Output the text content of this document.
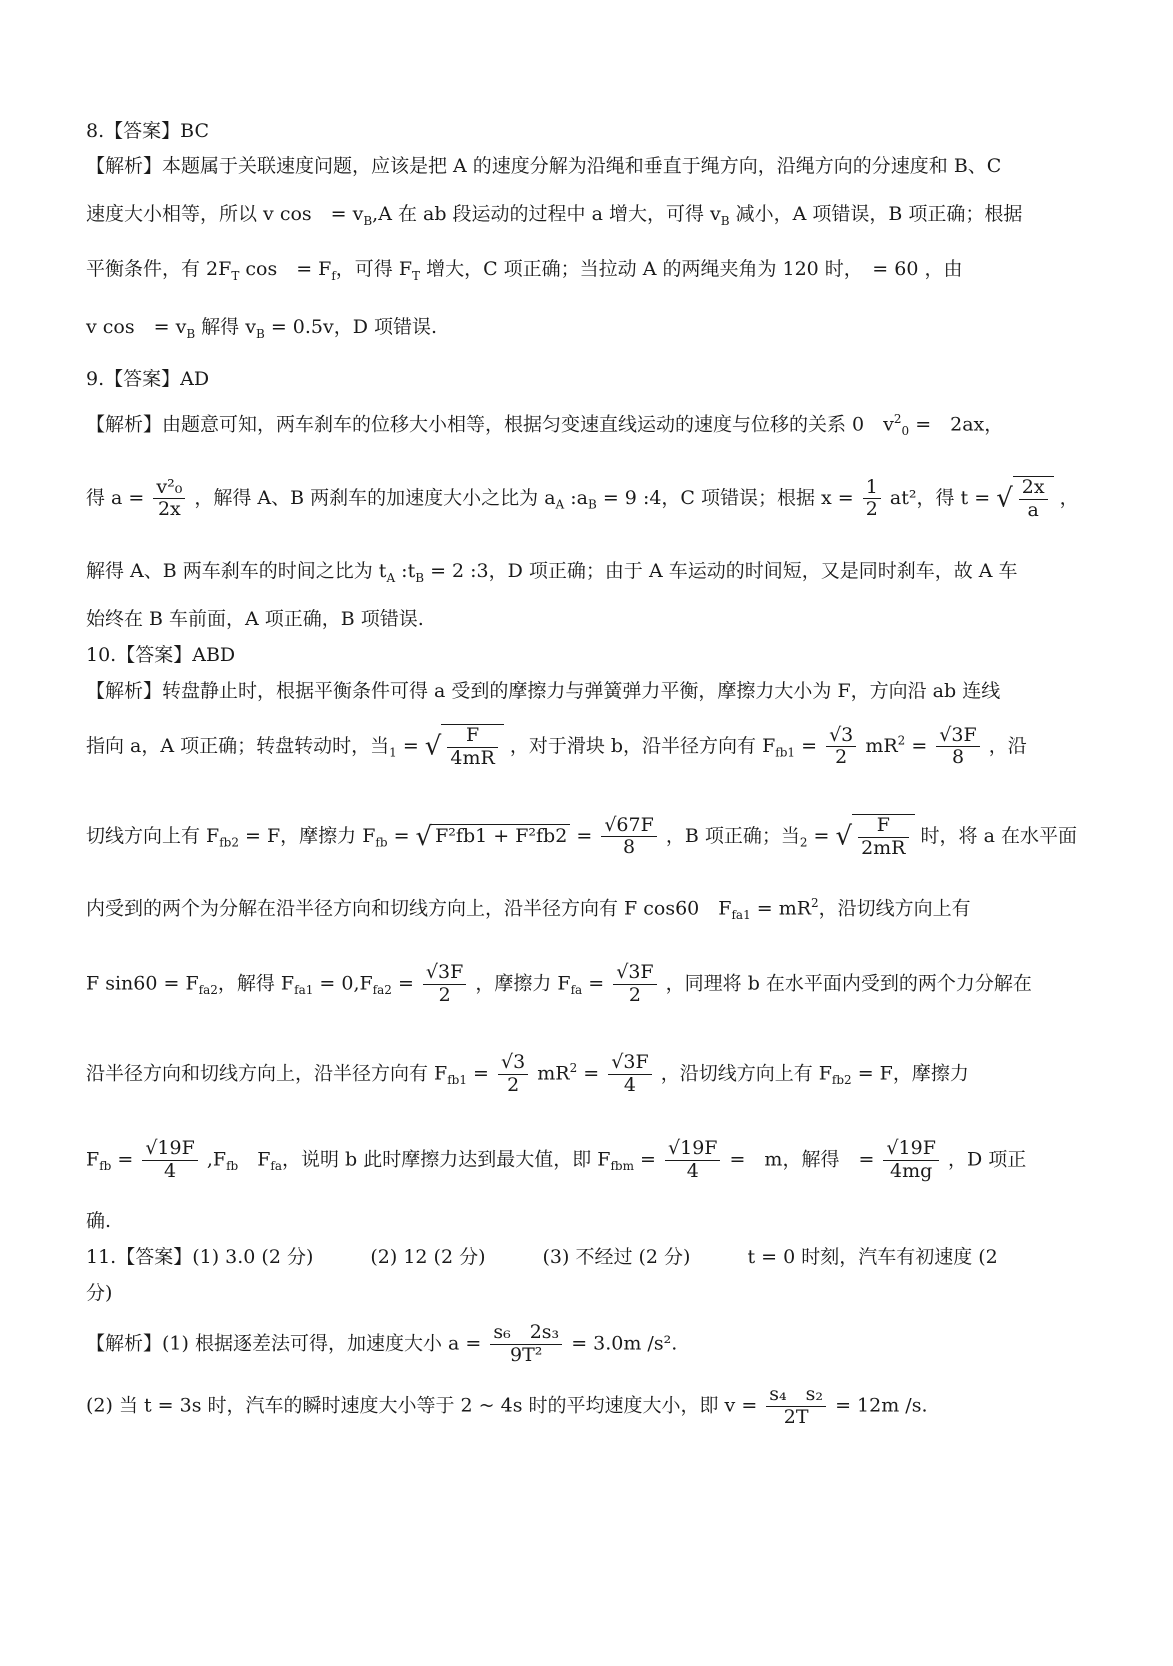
8.【答案】BC
【解析】本题属于关联速度问题，应该是把 A 的速度分解为沿绳和垂直于绳方向，沿绳方向的分速度和 B、C
速度大小相等，所以 v cos　= $v_B,A$ 在 ab 段运动的过程中 a 增大，可得 $v_B$ 减小，A 项错误，B 项正确；根据
平衡条件，有 $2F_T$ cos　= $F_f$，可得 $F_T$ 增大，C 项正确；当拉动 A 的两绳夹角为 120 时，　= 60 ，由
v cos　= $v_B$ 解得 $v_B = 0.5v$，D 项错误.
9.【答案】AD
【解析】由题意可知，两车刹车的位移大小相等，根据匀变速直线运动的速度与位移的关系 0　$v^2_0$ =　2ax，
得 $a = \frac{\text{v²₀}}{2x}$ ，解得 A、B 两刹车的加速度大小之比为 $a_A$ $:a_B = 9$ :4，C 项错误；根据 $x = \frac{1}{2} at^2$，得 t = √ $\frac{2x}{a}$ ，
解得 A、B 两车刹车的时间之比为 $t_A$ $:t_B = 2$ :3，D 项正确；由于 A 车运动的时间短，又是同时刹车，故 A 车
始终在 B 车前面，A 项正确，B 项错误.
10.【答案】ABD
【解析】转盘静止时，根据平衡条件可得 a 受到的摩擦力与弹簧弹力平衡，摩擦力大小为 F，方向沿 ab 连线
指向 a，A 项正确；转盘转动时，当$_1$ = √ $\frac{F}{4mR}$ ，对于滑块 b，沿半径方向有 $F_{fb1} = \frac{√3}{2} mR^2 = \frac{√3F}{8}$ ，沿
切线方向上有 $F_{fb2} = F$，摩擦力 $F_{fb}$ = √ $F^2fb1 + F^2fb2 = \frac{√67F}{8}$ ，B 项正确；当$_2$ = √ $\frac{F}{2mR}$ 时，将 a 在水平面
内受到的两个为分解在沿半径方向和切线方向上，沿半径方向有 F cos60　$F_{fa1} = mR^2$，沿切线方向上有
F $\sin 60 = F_{fa2}$，解得 $F_{fa1} = 0,F_{fa2} = \frac{√3F}{2}$ ，摩擦力 $F_{fa} = \frac{√3F}{2}$ ，同理将 b 在水平面内受到的两个力分解在
沿半径方向和切线方向上，沿半径方向有 $F_{fb1} = \frac{√3}{2} mR^2 = \frac{√3F}{4}$ ，沿切线方向上有 $F_{fb2} = F$，摩擦力
$F_{fb} = \frac{√19F}{4} ,F_{fb}$　$F_{fa}$，说明 b 此时摩擦力达到最大值，即 $F_{fbm} = \frac{√19F}{4}$ =　m，解得　= $\frac{√19F}{4mg}$ ，D 项正
确.
11.【答案】(1) 3.0 (2 分)　　　(2) 12 (2 分)　　　(3) 不经过 (2 分)　　　t = 0 时刻，汽车有初速度 (2
分)
【解析】(1) 根据逐差法可得，加速度大小 $a = \frac{\text{s₆　2s₃}}{\text{9T²}} = 3.0m$ /s².
(2) 当 t = 3s 时，汽车的瞬时速度大小等于 2 ~ 4s 时的平均速度大小，即 $v = \frac{\text{s₄　s₂}}{2T} = 12m$ /s.
